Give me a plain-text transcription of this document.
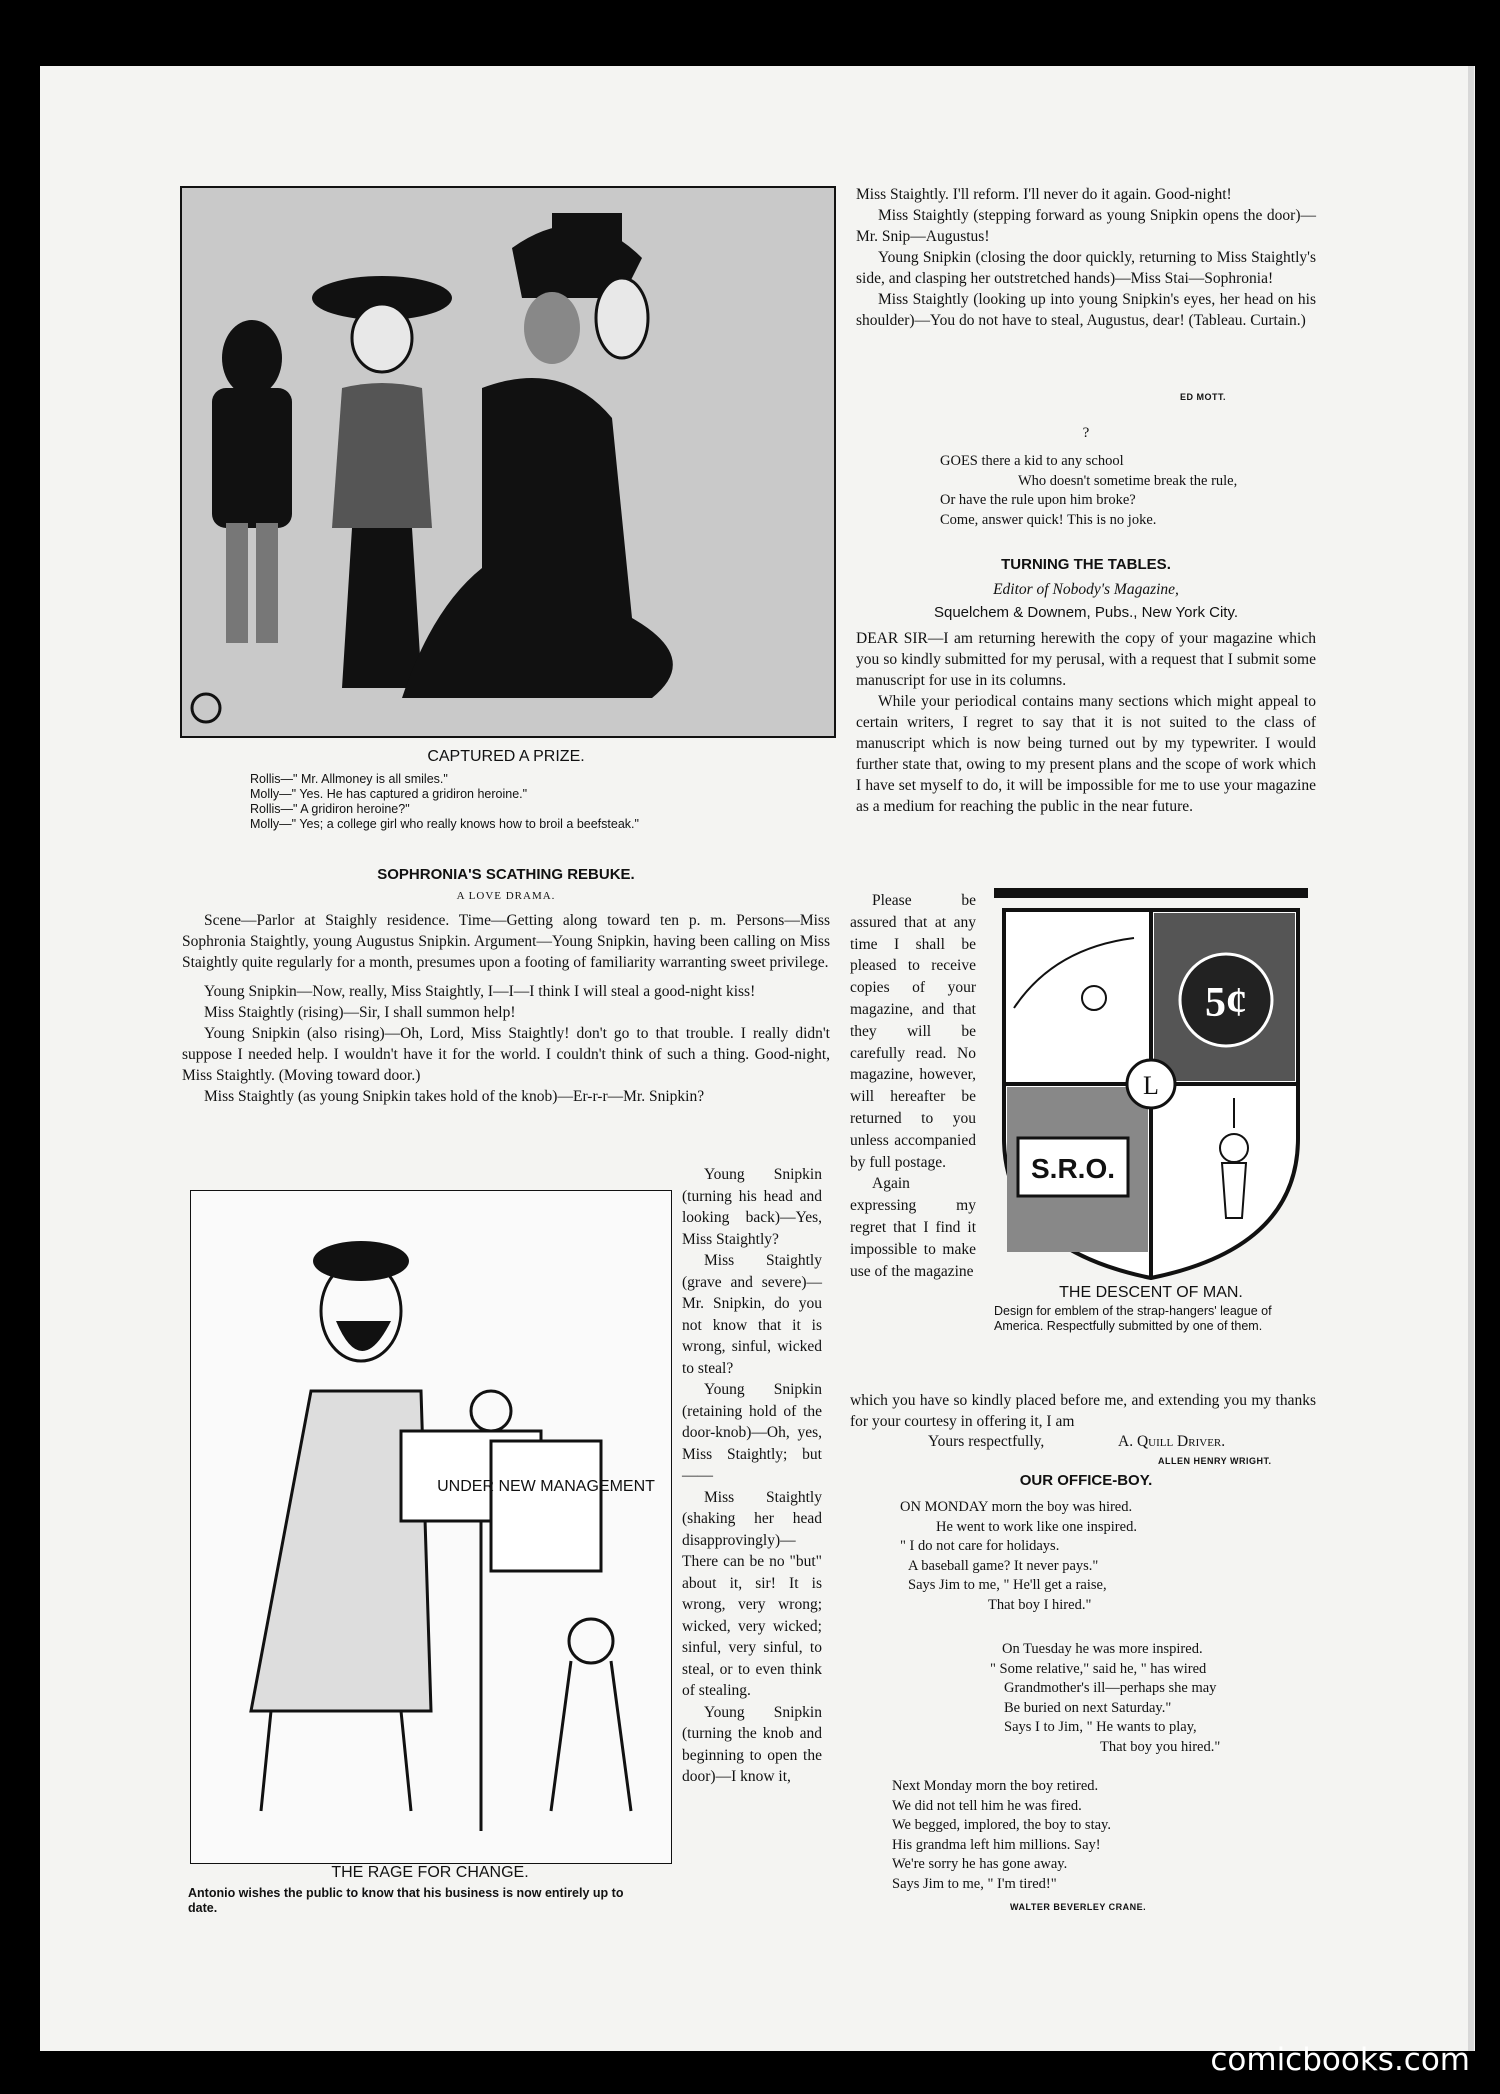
CAPTURED A PRIZE.
Rollis—" Mr. Allmoney is all smiles."
Molly—" Yes. He has captured a gridiron heroine."
Rollis—" A gridiron heroine?"
Molly—" Yes; a college girl who really knows how to broil a beefsteak."
SOPHRONIA'S SCATHING REBUKE.
A LOVE DRAMA.

Scene—Parlor at Staighly residence. Time—Getting along toward ten p. m. Persons—Miss Sophronia Staightly, young Augustus Snipkin. Argument—Young Snipkin, having been calling on Miss Staightly quite regularly for a month, presumes upon a footing of familiarity warranting sweet privilege.

Young Snipkin—Now, really, Miss Staightly, I—I—I think I will steal a good-night kiss!

Miss Staightly (rising)—Sir, I shall summon help!

Young Snipkin (also rising)—Oh, Lord, Miss Staightly! don't go to that trouble. I really didn't suppose I needed help. I wouldn't have it for the world. I couldn't think of such a thing. Good-night, Miss Staightly. (Moving toward door.)

Miss Staightly (as young Snipkin takes hold of the knob)—Er-r-r—Mr. Snipkin?

UNDER NEW MANAGEMENT
THE RAGE FOR CHANGE.
Antonio wishes the public to know that his business is now entirely up to date.

Young Snipkin (turning his head and looking back)—Yes, Miss Staightly?

Miss Staightly (grave and severe)—Mr. Snipkin, do you not know that it is wrong, sinful, wicked to steal?

Young Snipkin (retaining hold of the door-knob)—Oh, yes, Miss Staightly; but——

Miss Staightly (shaking her head disapprovingly)—There can be no "but" about it, sir! It is wrong, very wrong; wicked, very wicked; sinful, very sinful, to steal, or to even think of stealing.

Young Snipkin (turning the knob and beginning to open the door)—I know it,

Miss Staightly. I'll reform. I'll never do it again. Good-night!

Miss Staightly (stepping forward as young Snipkin opens the door)—Mr. Snip—Augustus!

Young Snipkin (closing the door quickly, returning to Miss Staightly's side, and clasping her outstretched hands)—Miss Stai—Sophronia!

Miss Staightly (looking up into young Snipkin's eyes, her head on his shoulder)—You do not have to steal, Augustus, dear! (Tableau. Curtain.)

ED MOTT.
?
GOES there a kid to any school
Who doesn't sometime break the rule,
Or have the rule upon him broke?
Come, answer quick! This is no joke.
TURNING THE TABLES.
Editor of Nobody's Magazine,
Squelchem & Downem, Pubs., New York City.

DEAR SIR—I am returning herewith the copy of your magazine which you so kindly submitted for my perusal, with a request that I submit some manuscript for use in its columns.

While your periodical contains many sections which might appeal to certain writers, I regret to say that it is not suited to the class of manuscript which is now being turned out by my typewriter. I would further state that, owing to my present plans and the scope of work which I have set myself to do, it will be impossible for me to use your magazine as a medium for reaching the public in the near future.

Please be assured that at any time I shall be pleased to receive copies of your magazine, and that they will be carefully read. No magazine, however, will hereafter be returned to you unless accompanied by full postage.

Again expressing my regret that I find it impossible to make use of the magazine

which you have so kindly placed before me, and extending you my thanks for your courtesy in offering it, I am

Yours respectfully,	A. Quill Driver.
ALLEN HENRY WRIGHT.
5¢
L
S.R.O.
THE DESCENT OF MAN.
Design for emblem of the strap-hangers' league of America. Respectfully submitted by one of them.
OUR OFFICE-BOY.
ON MONDAY morn the boy was hired.
He went to work like one inspired.
" I do not care for holidays.
A baseball game? It never pays."
Says Jim to me, " He'll get a raise,
That boy I hired."
On Tuesday he was more inspired.
" Some relative," said he, " has wired
Grandmother's ill—perhaps she may
Be buried on next Saturday."
Says I to Jim, " He wants to play,
That boy you hired."
Next Monday morn the boy retired.
We did not tell him he was fired.
We begged, implored, the boy to stay.
His grandma left him millions. Say!
We're sorry he has gone away.
Says Jim to me, " I'm tired!"
WALTER BEVERLEY CRANE.
comicbooks.com
